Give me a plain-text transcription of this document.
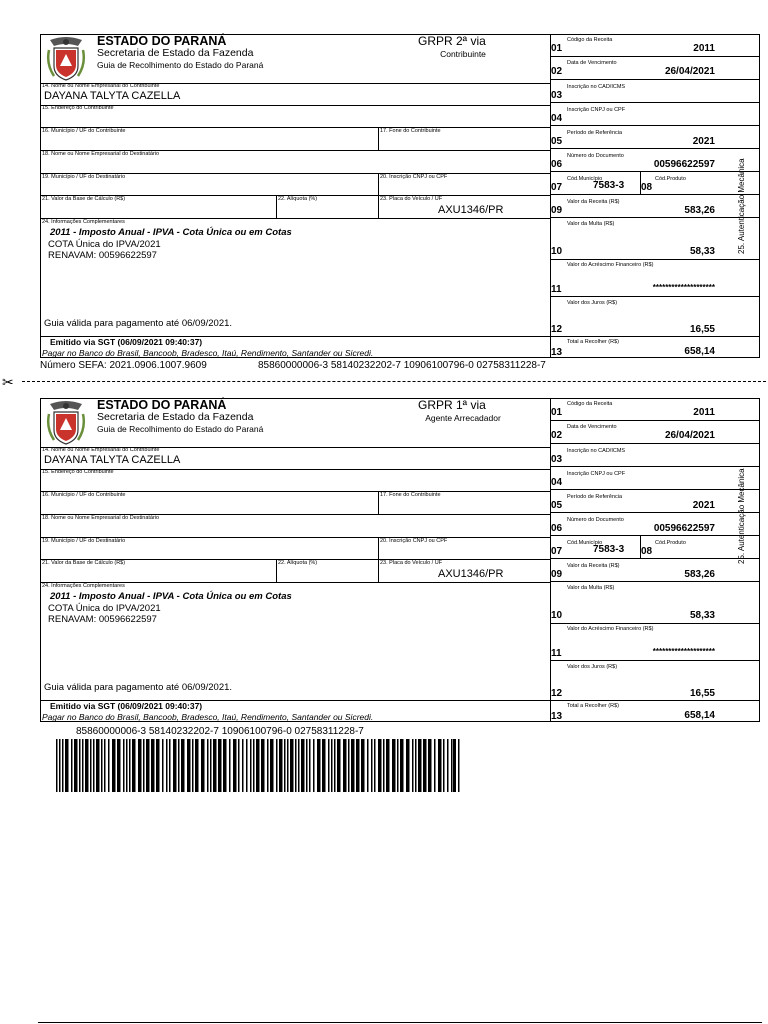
ESTADO DO PARANÁ
Secretaria de Estado da Fazenda
Guia de Recolhimento do Estado do Paraná
GRPR 2ª via
Contribuinte
14. Nome ou Nome Empresarial do Contribuinte
DAYANA TALYTA CAZELLA
15. Endereço do Contribuinte
16. Município / UF do Contribuinte	17. Fone do Contribuinte
18. Nome ou Nome Empresarial do Destinatário
19. Município / UF do Destinatário	20. Inscrição CNPJ ou CPF
21. Valor da Base de Cálculo (R$)	22. Alíquota (%)	23. Placa do Veículo / UF
AXU1346/PR
24. Informações Complementares
2011 - Imposto Anual - IPVA - Cota Única ou em Cotas
COTA Única do IPVA/2021
RENAVAM: 00596622597
Guia válida para pagamento até 06/09/2021.
Emitido via SGT (06/09/2021 09:40:37)
Pagar no Banco do Brasil, Bancoob, Bradesco, Itaú, Rendimento, Santander ou Sicredi.
01
Código da Receita
2011
02
Data de Vencimento
26/04/2021
03
Inscrição no CAD/ICMS
04
Inscrição CNPJ ou CPF
05
Período de Referência
2021
06
Número do Documento
00596622597
07
Cód.Município
7583-3 08
Cód.Produto
09
Valor da Receita (R$)
583,26
Valor da Multa (R$)
10	58,33
Valor do Acréscimo Financeiro (R$)
11	********************
Valor dos Juros (R$)
12	16,55
Total a Recolher (R$)
13	658,14
25. Autenticação Mecânica
Número SEFA: 2021.0906.1007.9609	85860000006-3 58140232202-7 10906100796-0 02758311228-7
✂
ESTADO DO PARANÁ
Secretaria de Estado da Fazenda
Guia de Recolhimento do Estado do Paraná
GRPR 1ª via
Agente Arrecadador
14. Nome ou Nome Empresarial do Contribuinte
DAYANA TALYTA CAZELLA
15. Endereço do Contribuinte
16. Município / UF do Contribuinte	17. Fone do Contribuinte
18. Nome ou Nome Empresarial do Destinatário
19. Município / UF do Destinatário	20. Inscrição CNPJ ou CPF
21. Valor da Base de Cálculo (R$)	22. Alíquota (%)	23. Placa do Veículo / UF
AXU1346/PR
24. Informações Complementares
2011 - Imposto Anual - IPVA - Cota Única ou em Cotas
COTA Única do IPVA/2021
RENAVAM: 00596622597
Guia válida para pagamento até 06/09/2021.
Emitido via SGT (06/09/2021 09:40:37)
Pagar no Banco do Brasil, Bancoob, Bradesco, Itaú, Rendimento, Santander ou Sicredi.
01
Código da Receita
2011
02
Data de Vencimento
26/04/2021
03
Inscrição no CAD/ICMS
04
Inscrição CNPJ ou CPF
05
Período de Referência
2021
06
Número do Documento
00596622597
07
Cód.Município
7583-3 08
Cód.Produto
09
Valor da Receita (R$)
583,26
Valor da Multa (R$)
10	58,33
Valor do Acréscimo Financeiro (R$)
11	********************
Valor dos Juros (R$)
12	16,55
Total a Recolher (R$)
13	658,14
25. Autenticação Mecânica
85860000006-3 58140232202-7 10906100796-0 02758311228-7
